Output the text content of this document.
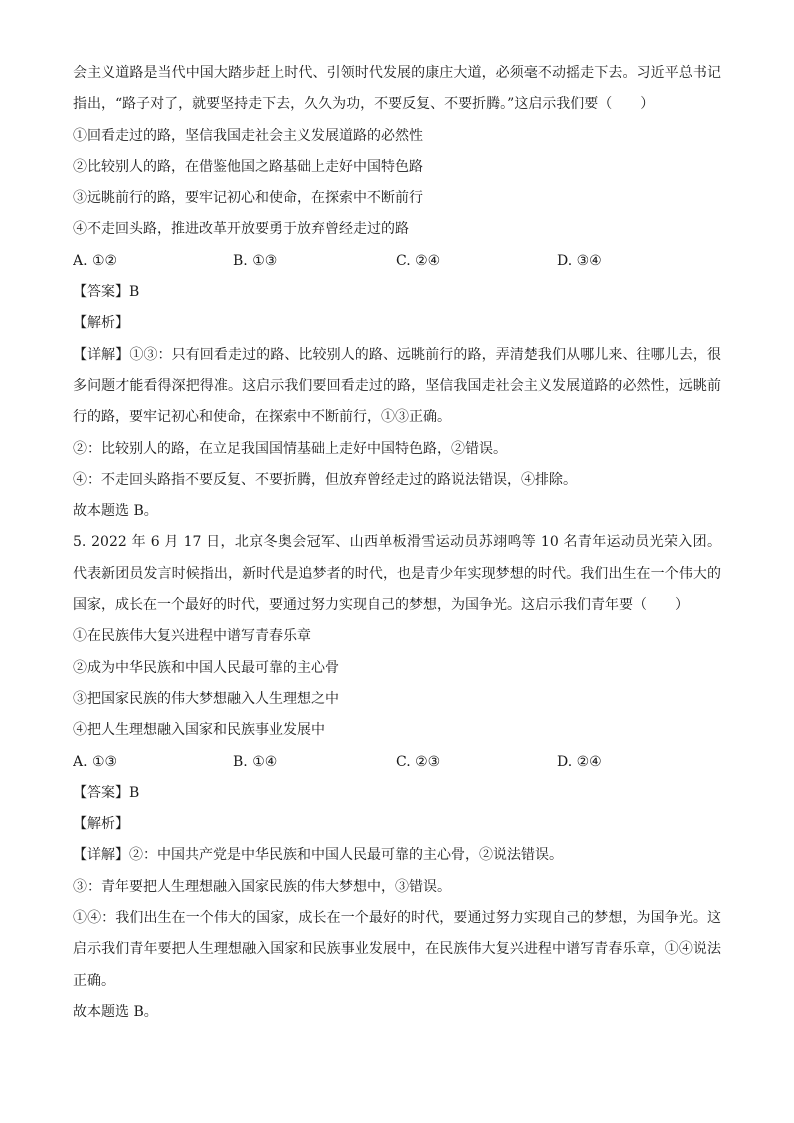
会主义道路是当代中国大踏步赶上时代、引领时代发展的康庄大道，必须毫不动摇走下去。习近平总书记
指出，“路子对了，就要坚持走下去，久久为功，不要反复、不要折腾。”这启示我们要（　　）
①回看走过的路，坚信我国走社会主义发展道路的必然性
②比较别人的路，在借鉴他国之路基础上走好中国特色路
③远眺前行的路，要牢记初心和使命，在探索中不断前行
④不走回头路，推进改革开放要勇于放弃曾经走过的路
A. ①②	B. ①③	C. ②④	D. ③④
【答案】B
【解析】
【详解】①③：只有回看走过的路、比较别人的路、远眺前行的路，弄清楚我们从哪儿来、往哪儿去，很
多问题才能看得深把得准。这启示我们要回看走过的路，坚信我国走社会主义发展道路的必然性，远眺前
行的路，要牢记初心和使命，在探索中不断前行，①③正确。
②：比较别人的路，在立足我国国情基础上走好中国特色路，②错误。
④：不走回头路指不要反复、不要折腾，但放弃曾经走过的路说法错误，④排除。
故本题选 B。
5. 2022 年 6 月 17 日，北京冬奥会冠军、山西单板滑雪运动员苏翊鸣等 10 名青年运动员光荣入团。
代表新团员发言时候指出，新时代是追梦者的时代，也是青少年实现梦想的时代。我们出生在一个伟大的
国家，成长在一个最好的时代，要通过努力实现自己的梦想，为国争光。这启示我们青年要（　　）
①在民族伟大复兴进程中谱写青春乐章
②成为中华民族和中国人民最可靠的主心骨
③把国家民族的伟大梦想融入人生理想之中
④把人生理想融入国家和民族事业发展中
A. ①③	B. ①④	C. ②③	D. ②④
【答案】B
【解析】
【详解】②：中国共产党是中华民族和中国人民最可靠的主心骨，②说法错误。
③：青年要把人生理想融入国家民族的伟大梦想中，③错误。
①④：我们出生在一个伟大的国家，成长在一个最好的时代，要通过努力实现自己的梦想，为国争光。这
启示我们青年要把人生理想融入国家和民族事业发展中，在民族伟大复兴进程中谱写青春乐章，①④说法
正确。
故本题选 B。
